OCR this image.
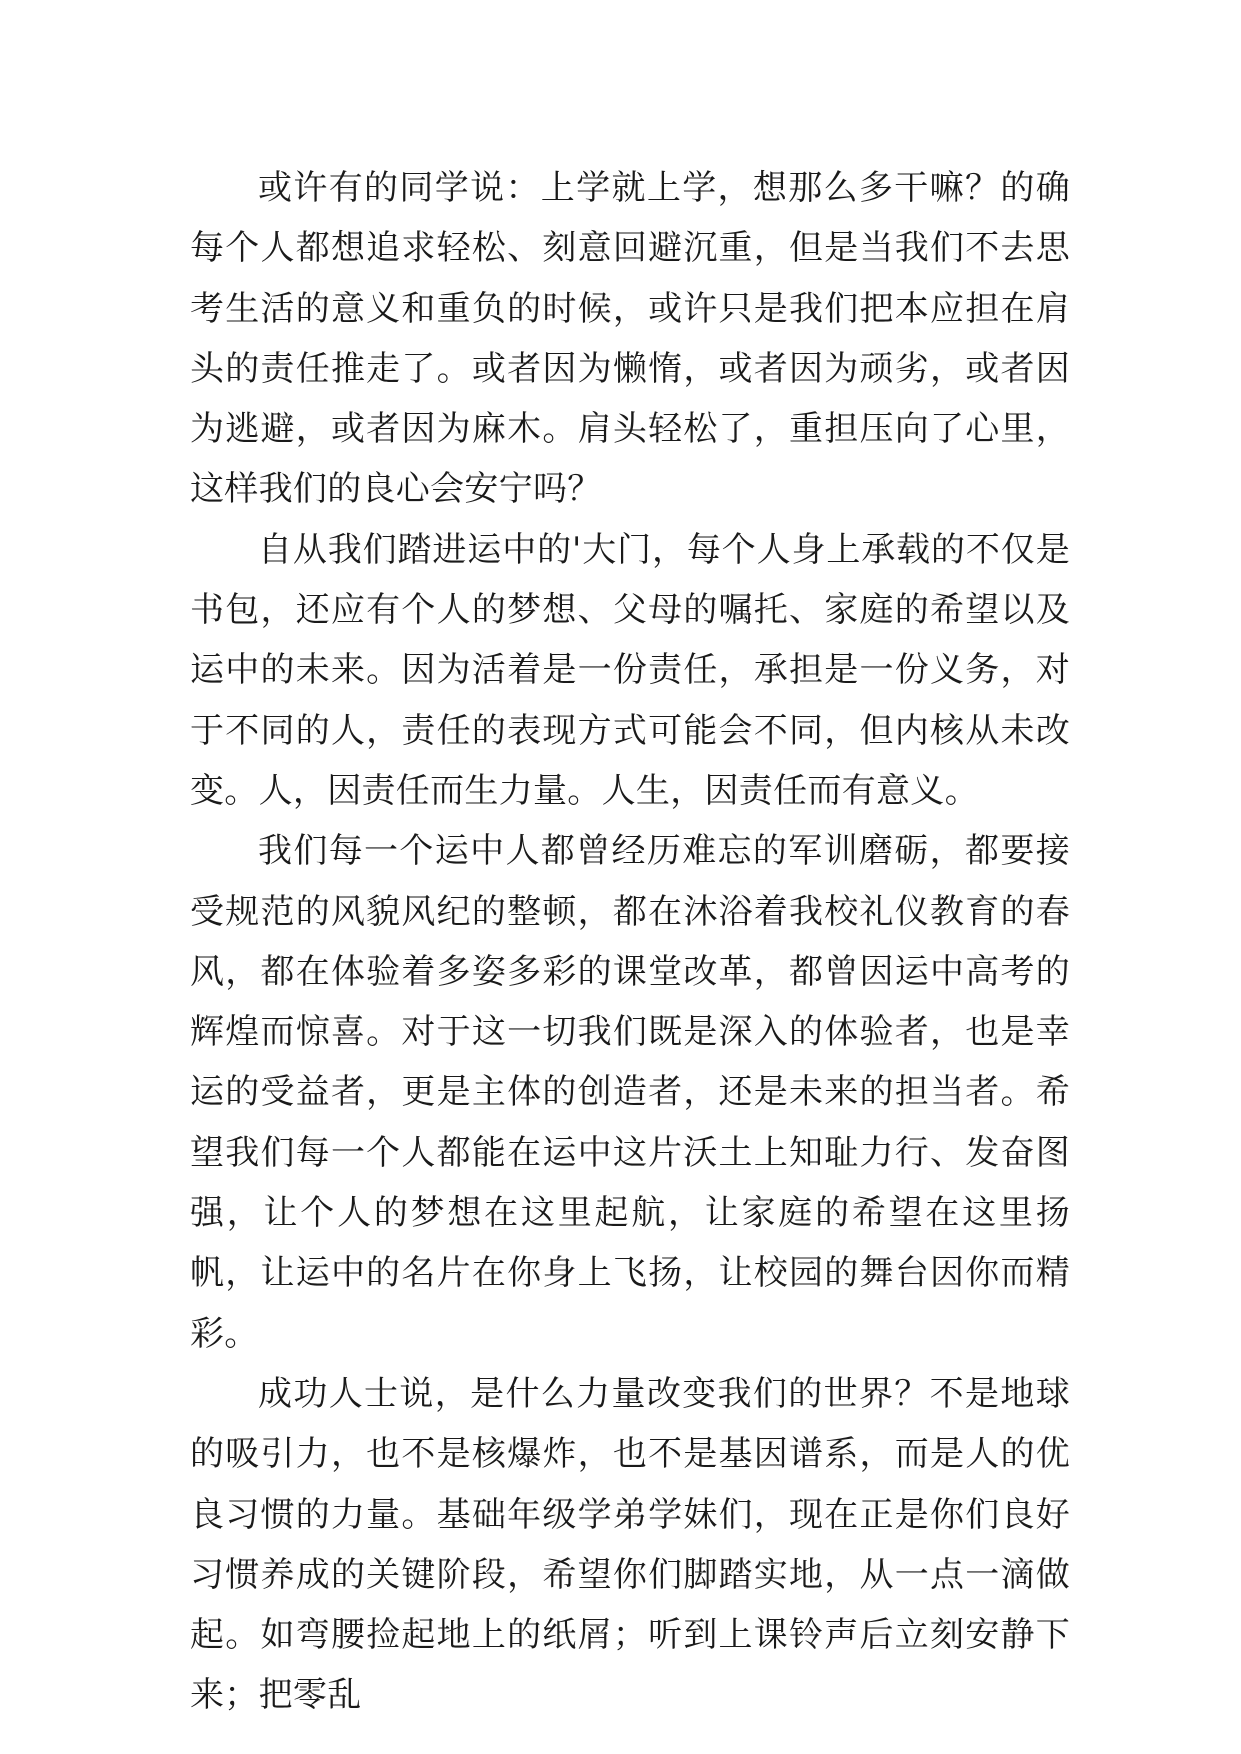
或许有的同学说：上学就上学，想那么多干嘛？的确每个人都想追求轻松、刻意回避沉重，但是当我们不去思考生活的意义和重负的时候，或许只是我们把本应担在肩头的责任推走了。或者因为懒惰，或者因为顽劣，或者因为逃避，或者因为麻木。肩头轻松了，重担压向了心里，这样我们的良心会安宁吗？

自从我们踏进运中的'大门，每个人身上承载的不仅是书包，还应有个人的梦想、父母的嘱托、家庭的希望以及运中的未来。因为活着是一份责任，承担是一份义务，对于不同的人，责任的表现方式可能会不同，但内核从未改变。人，因责任而生力量。人生，因责任而有意义。

我们每一个运中人都曾经历难忘的军训磨砺，都要接受规范的风貌风纪的整顿，都在沐浴着我校礼仪教育的春风，都在体验着多姿多彩的课堂改革，都曾因运中高考的辉煌而惊喜。对于这一切我们既是深入的体验者，也是幸运的受益者，更是主体的创造者，还是未来的担当者。希望我们每一个人都能在运中这片沃土上知耻力行、发奋图强，让个人的梦想在这里起航，让家庭的希望在这里扬帆，让运中的名片在你身上飞扬，让校园的舞台因你而精彩。

成功人士说，是什么力量改变我们的世界？不是地球的吸引力，也不是核爆炸，也不是基因谱系，而是人的优良习惯的力量。基础年级学弟学妹们，现在正是你们良好习惯养成的关键阶段，希望你们脚踏实地，从一点一滴做起。如弯腰捡起地上的纸屑；听到上课铃声后立刻安静下来；把零乱
